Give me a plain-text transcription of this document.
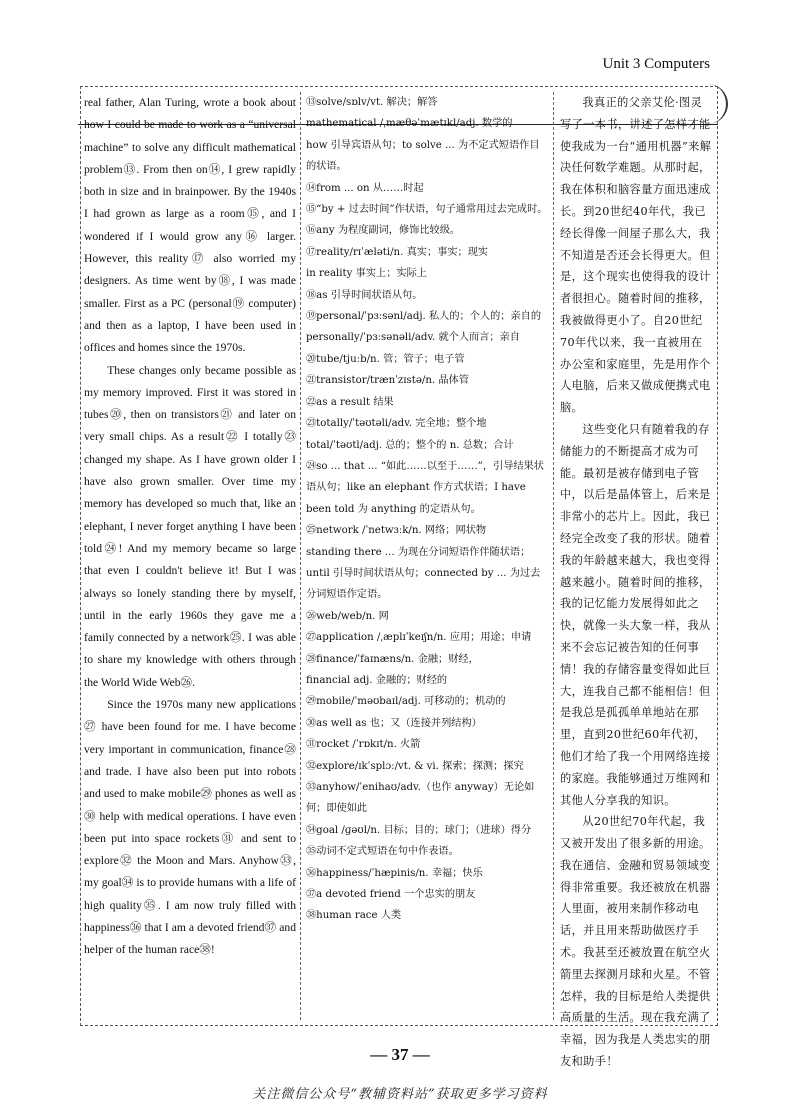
Unit 3 Computers

real father, Alan Turing, wrote a book about how I could be made to work as a “universal machine” to solve any difficult mathematical problem⑬. From then on⑭, I grew rapidly both in size and in brainpower. By the 1940s I had grown as large as a room⑮, and I wondered if I would grow any⑯ larger. However, this reality⑰ also worried my designers. As time went by⑱, I was made smaller. First as a PC (personal⑲ computer) and then as a laptop, I have been used in offices and homes since the 1970s.

These changes only became possible as my memory improved. First it was stored in tubes⑳, then on transistors㉑ and later on very small chips. As a result㉒ I totally㉓ changed my shape. As I have grown older I have also grown smaller. Over time my memory has developed so much that, like an elephant, I never forget anything I have been told㉔! And my memory became so large that even I couldn't believe it! But I was always so lonely standing there by myself, until in the early 1960s they gave me a family connected by a network㉕. I was able to share my knowledge with others through the World Wide Web㉖.

Since the 1970s many new applications㉗ have been found for me. I have become very important in communication, finance㉘ and trade. I have also been put into robots and used to make mobile㉙ phones as well as㉚ help with medical operations. I have even been put into space rockets㉛ and sent to explore㉜ the Moon and Mars. Anyhow㉝, my goal㉞ is to provide humans with a life of high quality㉟. I am now truly filled with happiness㊱ that I am a devoted friend㊲ and helper of the human race㊳!

⑬solve/sɒlv/vt. 解决；解答

mathematical /ˌmæθəˈmætɪkl/adj. 数学的

how 引导宾语从句；to solve ... 为不定式短语作目的状语。

⑭from ... on 从……时起

⑮“by + 过去时间”作状语，句子通常用过去完成时。

⑯any 为程度副词，修饰比较级。

⑰reality/rɪˈæləti/n. 真实；事实；现实

in reality 事实上；实际上

⑱as 引导时间状语从句。

⑲personal/ˈpɜːsənl/adj. 私人的；个人的；亲自的

personally/ˈpɜːsənəli/adv. 就个人而言；亲自

⑳tube/tjuːb/n. 管；管子；电子管

㉑transistor/trænˈzɪstə/n. 晶体管

㉒as a result 结果

㉓totally/ˈtəʊtəli/adv. 完全地；整个地

total/ˈtəʊtl/adj. 总的；整个的 n. 总数；合计

㉔so ... that ... “如此……以至于……”，引导结果状语从句；like an elephant 作方式状语；I have been told 为 anything 的定语从句。

㉕network /ˈnetwɜːk/n. 网络；网状物

standing there ... 为现在分词短语作伴随状语；until 引导时间状语从句；connected by ... 为过去分词短语作定语。

㉖web/web/n. 网

㉗application /ˌæplɪˈkeɪʃn/n. 应用；用途；申请

㉘finance/ˈfaɪnæns/n. 金融；财经，

financial adj. 金融的；财经的

㉙mobile/ˈməʊbaɪl/adj. 可移动的；机动的

㉚as well as 也；又（连接并列结构）

㉛rocket /ˈrɒkɪt/n. 火箭

㉜explore/ɪkˈsplɔː/vt. & vi. 探索；探测；探究

㉝anyhow/ˈenihaʊ/adv.（也作 anyway）无论如何；即使如此

㉞goal /ɡəʊl/n. 目标；目的；球门；（进球）得分

㉟动词不定式短语在句中作表语。

㊱happiness/ˈhæpinis/n. 幸福；快乐

㊲a devoted friend 一个忠实的朋友

㊳human race 人类

我真正的父亲艾伦·图灵写了一本书，讲述了怎样才能使我成为一台“通用机器”来解决任何数学难题。从那时起，我在体积和脑容量方面迅速成长。到20世纪40年代，我已经长得像一间屋子那么大，我不知道是否还会长得更大。但是，这个现实也使得我的设计者很担心。随着时间的推移，我被做得更小了。自20世纪70年代以来，我一直被用在办公室和家庭里，先是用作个人电脑，后来又做成便携式电脑。

这些变化只有随着我的存储能力的不断提高才成为可能。最初是被存储到电子管中，以后是晶体管上，后来是非常小的芯片上。因此，我已经完全改变了我的形状。随着我的年龄越来越大，我也变得越来越小。随着时间的推移，我的记忆能力发展得如此之快，就像一头大象一样，我从来不会忘记被告知的任何事情！我的存储容量变得如此巨大，连我自己都不能相信！但是我总是孤孤单单地站在那里，直到20世纪60年代初，他们才给了我一个用网络连接的家庭。我能够通过万维网和其他人分享我的知识。

从20世纪70年代起，我又被开发出了很多新的用途。我在通信、金融和贸易领域变得非常重要。我还被放在机器人里面，被用来制作移动电话，并且用来帮助做医疗手术。我甚至还被放置在航空火箭里去探测月球和火星。不管怎样，我的目标是给人类提供高质量的生活。现在我充满了幸福，因为我是人类忠实的朋友和助手！

— 37 —
关注微信公众号“教辅资料站”获取更多学习资料
